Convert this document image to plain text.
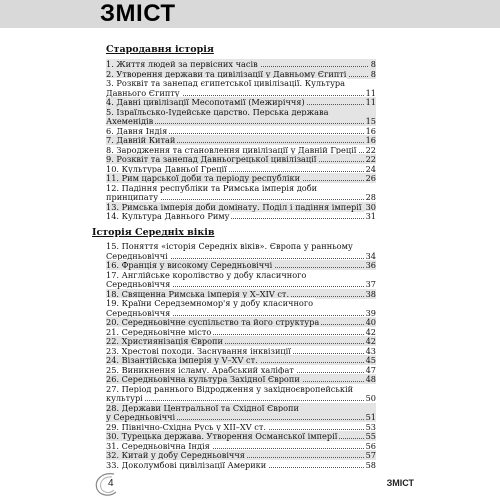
ЗМІСТ
Стародавня історія
1. Життя людей за первісних часів	8
2. Утворення держави та цивілізації у Давньому Єгипті	8
3. Розквіт та занепад єгипетської цивілізації. Культура
Давнього Єгипту	11
4. Давні цивілізації Месопотамії (Межиріччя)	11
5. Ізраїльсько-Іудейське царство. Перська держава
Ахеменідів	15
6. Давня Індія	16
7. Давній Китай	16
8. Зародження та становлення цивілізації у Давній Греції 22
9. Розквіт та занепад Давньогрецької цивілізації	22
10. Культура Давньої Греції	24
11. Рим царської доби та періоду республіки	26
12. Падіння республіки та Римська імперія доби
принципату	28
13. Римська імперія доби домінату. Поділ і падіння імперії 30
14. Культура Давнього Риму	31
Історія Середніх віків
15. Поняття «історія Середніх віків». Європа у ранньому
Середньовіччі	34
16. Франція у високому Середньовіччі	36
17. Англійське королівство у добу класичного
Середньовіччя	37
18. Священна Римська імперія у X–XIV ст.	38
19. Країни Середземномор'я у добу класичного
Середньовіччя	39
20. Середньовічне суспільство та його структура	40
21. Середньовічне місто	42
22. Християнізація Європи	42
23. Хрестові походи. Заснування інквізиції	43
24. Візантійська імперія у V–XV ст.	45
25. Виникнення ісламу. Арабський халіфат	47
26. Середньовічна культура Західної Європи	48
27. Період раннього Відродження у західноєвропейській
культурі	50
28. Держави Центральної та Східної Європи
у Середньовіччі	51
29. Північно-Східна Русь у XII–XV ст.	53
30. Турецька держава. Утворення Османської імперії	55
31. Середньовічна Індія	56
32. Китай у добу Середньовіччя	57
33. Доколумбові цивілізації Америки	58
4	ЗМІСТ
